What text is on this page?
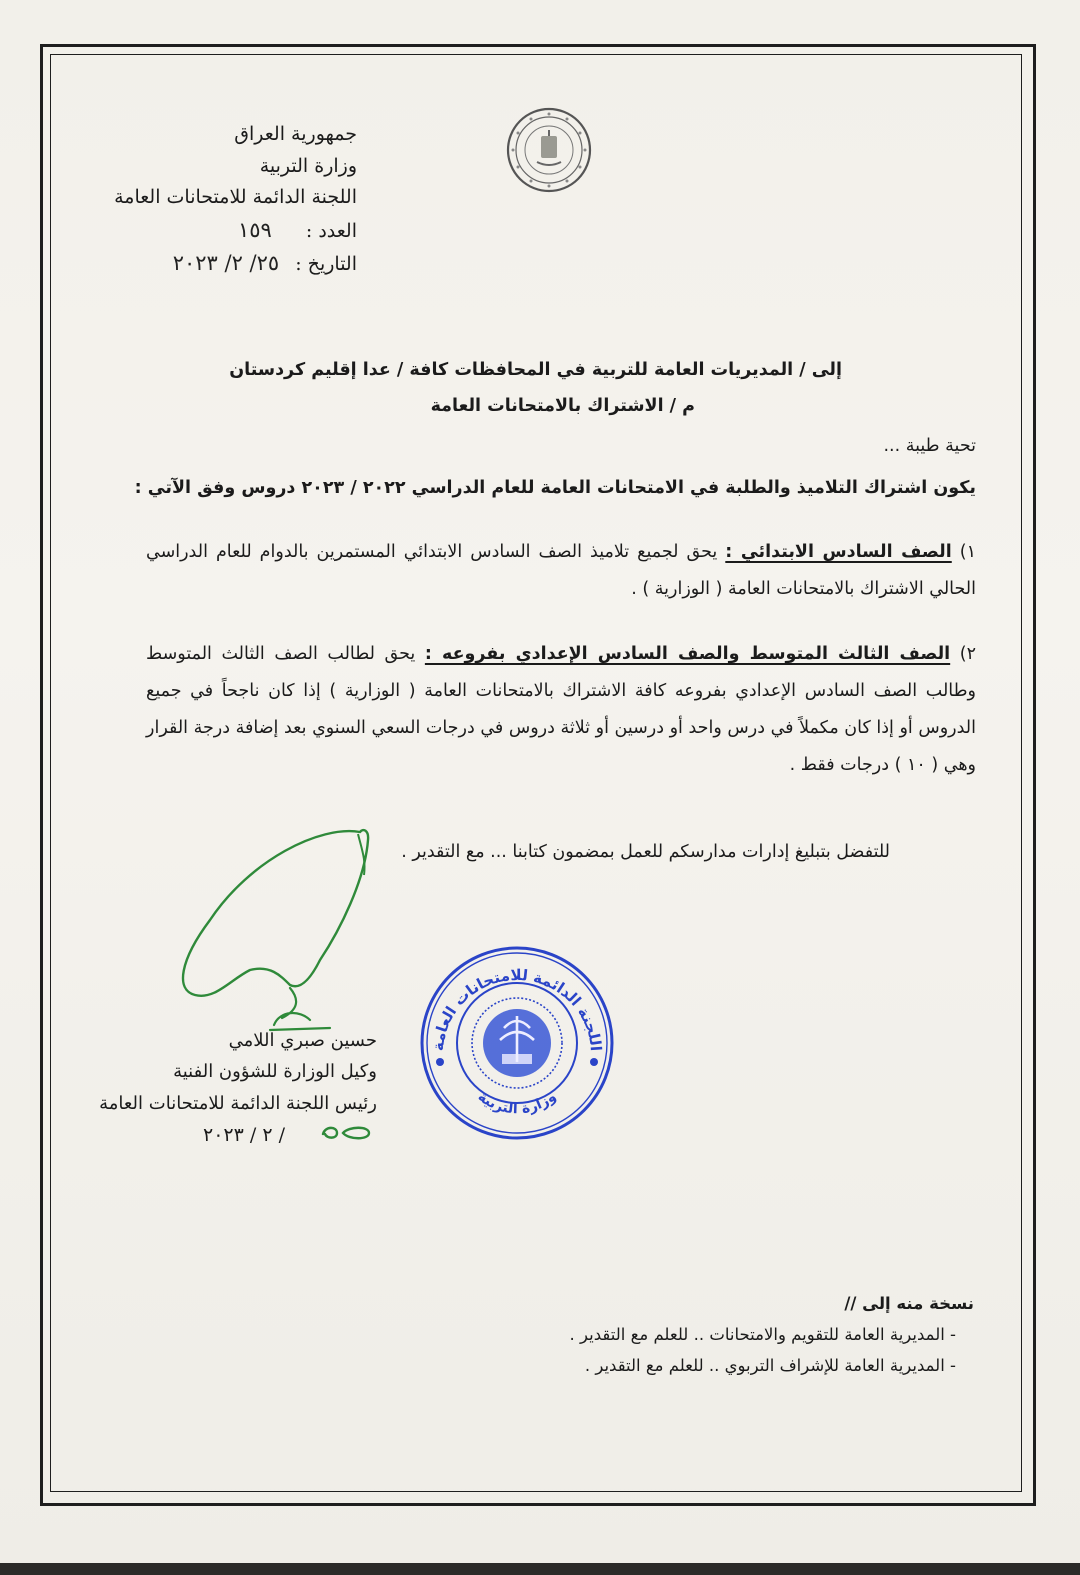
جمهورية العراق
وزارة التربية
اللجنة الدائمة للامتحانات العامة
العدد : ١٥٩
التاريخ : ٢٥/ ٢/ ٢٠٢٣
إلى / المديريات العامة للتربية في المحافظات كافة / عدا إقليم كردستان
م / الاشتراك بالامتحانات العامة
تحية طيبة ...
يكون اشتراك التلاميذ والطلبة في الامتحانات العامة للعام الدراسي ٢٠٢٢ / ٢٠٢٣ دروس وفق الآتي :
١) الصف السادس الابتدائي : يحق لجميع تلاميذ الصف السادس الابتدائي المستمرين بالدوام للعام الدراسي الحالي الاشتراك بالامتحانات العامة ( الوزارية ) .
٢) الصف الثالث المتوسط والصف السادس الإعدادي بفروعه : يحق لطالب الصف الثالث المتوسط وطالب الصف السادس الإعدادي بفروعه كافة الاشتراك بالامتحانات العامة ( الوزارية ) إذا كان ناجحاً في جميع الدروس أو إذا كان مكملاً في درس واحد أو درسين أو ثلاثة دروس في درجات السعي السنوي بعد إضافة درجة القرار وهي ( ١٠ ) درجات فقط .
للتفضل بتبليغ إدارات مدارسكم للعمل بمضمون كتابنا ... مع التقدير .
حسين صبري اللامي
وكيل الوزارة للشؤون الفنية
رئيس اللجنة الدائمة للامتحانات العامة
/ ٢ / ٢٠٢٣
اللجنة الدائمة للامتحانات العامة
وزارة التربية
نسخة منه إلى //
- المديرية العامة للتقويم والامتحانات .. للعلم مع التقدير .
- المديرية العامة للإشراف التربوي .. للعلم مع التقدير .
